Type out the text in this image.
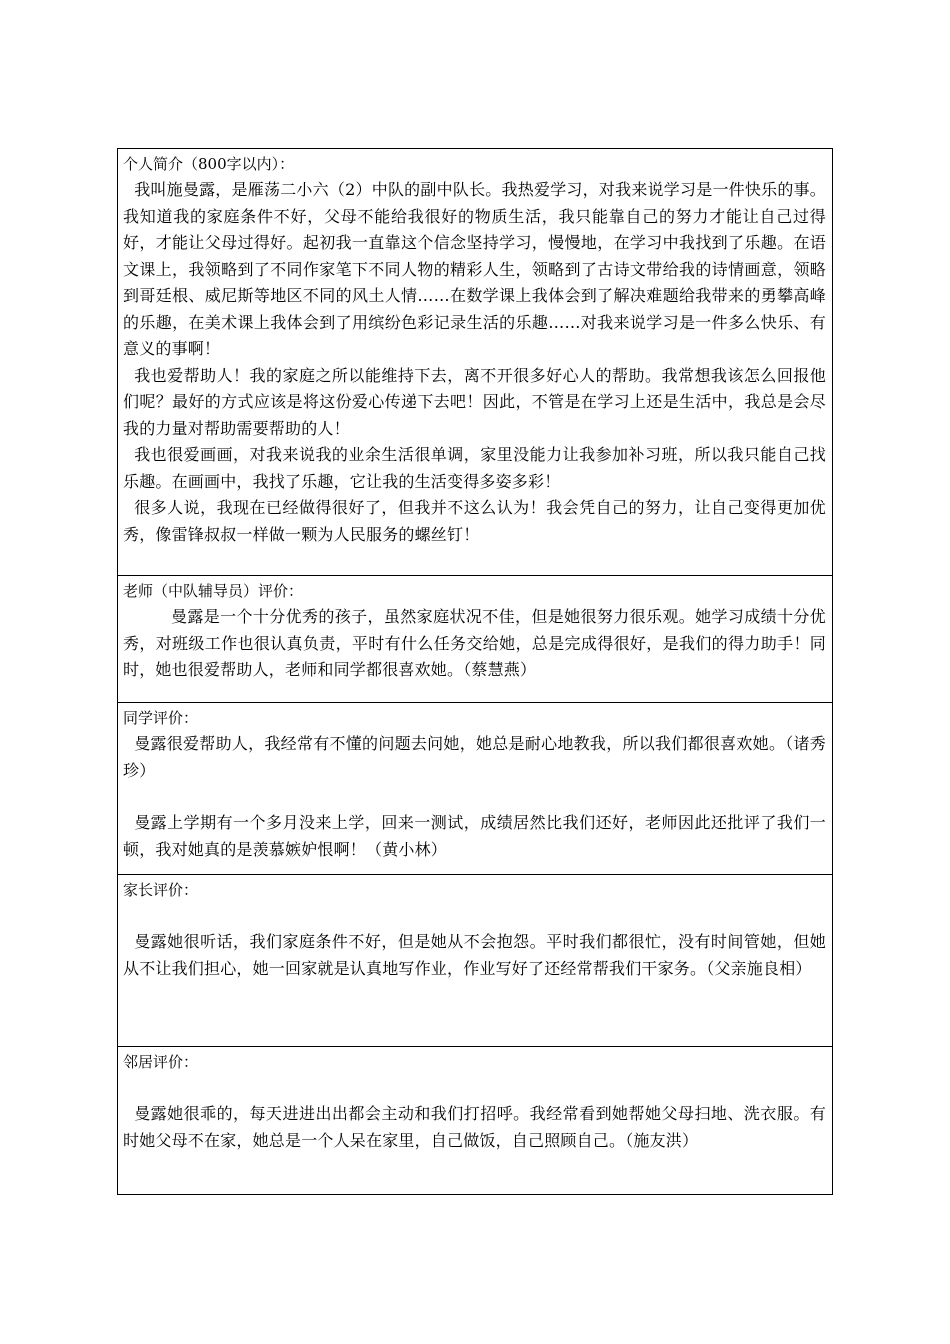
个人简介（800字以内）：

我叫施曼露，是雁荡二小六（2）中队的副中队长。我热爱学习，对我来说学习是一件快乐的事。我知道我的家庭条件不好，父母不能给我很好的物质生活，我只能靠自己的努力才能让自己过得好，才能让父母过得好。起初我一直靠这个信念坚持学习，慢慢地，在学习中我找到了乐趣。在语文课上，我领略到了不同作家笔下不同人物的精彩人生，领略到了古诗文带给我的诗情画意，领略到哥廷根、威尼斯等地区不同的风土人情……在数学课上我体会到了解决难题给我带来的勇攀高峰的乐趣，在美术课上我体会到了用缤纷色彩记录生活的乐趣……对我来说学习是一件多么快乐、有意义的事啊！

我也爱帮助人！我的家庭之所以能维持下去，离不开很多好心人的帮助。我常想我该怎么回报他们呢？最好的方式应该是将这份爱心传递下去吧！因此，不管是在学习上还是生活中，我总是会尽我的力量对帮助需要帮助的人！

我也很爱画画，对我来说我的业余生活很单调，家里没能力让我参加补习班，所以我只能自己找乐趣。在画画中，我找了乐趣，它让我的生活变得多姿多彩！

很多人说，我现在已经做得很好了，但我并不这么认为！我会凭自己的努力，让自己变得更加优秀，像雷锋叔叔一样做一颗为人民服务的螺丝钉！

老师（中队辅导员）评价：

曼露是一个十分优秀的孩子，虽然家庭状况不佳，但是她很努力很乐观。她学习成绩十分优秀，对班级工作也很认真负责，平时有什么任务交给她，总是完成得很好，是我们的得力助手！同时，她也很爱帮助人，老师和同学都很喜欢她。（蔡慧燕）

同学评价：

曼露很爱帮助人，我经常有不懂的问题去问她，她总是耐心地教我，所以我们都很喜欢她。（诸秀珍）

曼露上学期有一个多月没来上学，回来一测试，成绩居然比我们还好，老师因此还批评了我们一顿，我对她真的是羡慕嫉妒恨啊！（黄小林）

家长评价：

曼露她很听话，我们家庭条件不好，但是她从不会抱怨。平时我们都很忙，没有时间管她，但她从不让我们担心，她一回家就是认真地写作业，作业写好了还经常帮我们干家务。（父亲施良相）

邻居评价：

曼露她很乖的，每天进进出出都会主动和我们打招呼。我经常看到她帮她父母扫地、洗衣服。有时她父母不在家，她总是一个人呆在家里，自己做饭，自己照顾自己。（施友洪）
